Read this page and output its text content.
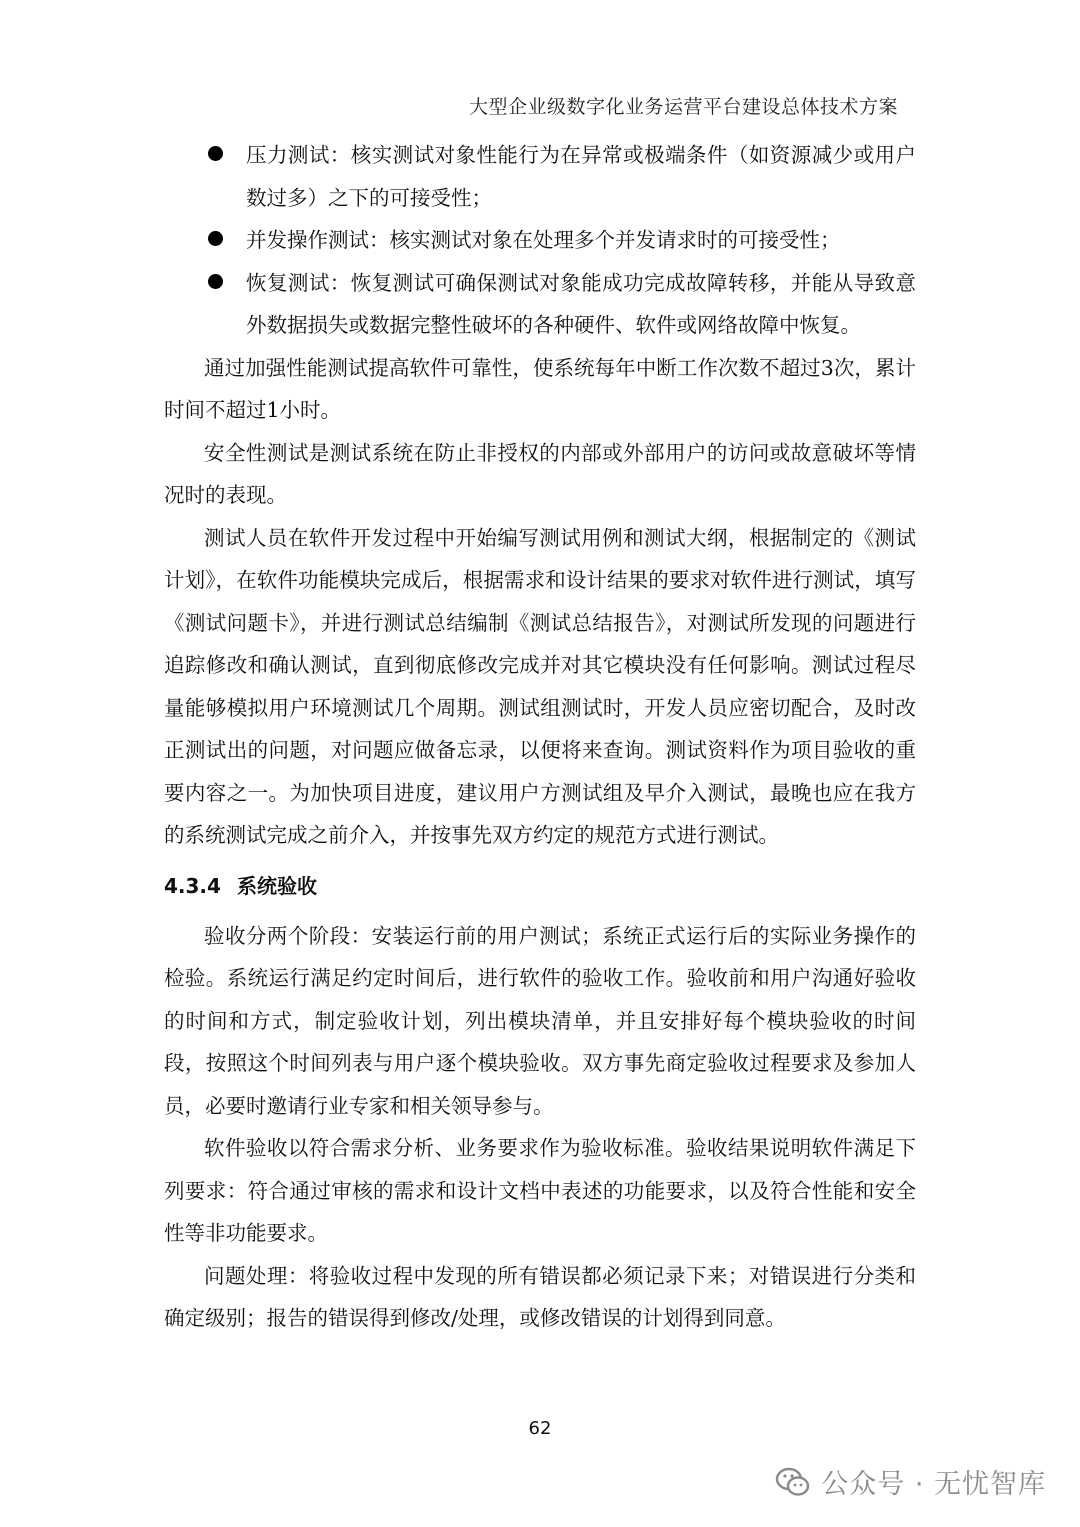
大型企业级数字化业务运营平台建设总体技术方案
压力测试：核实测试对象性能行为在异常或极端条件（如资源减少或用户数过多）之下的可接受性；
并发操作测试：核实测试对象在处理多个并发请求时的可接受性；
恢复测试：恢复测试可确保测试对象能成功完成故障转移，并能从导致意外数据损失或数据完整性破坏的各种硬件、软件或网络故障中恢复。

通过加强性能测试提高软件可靠性，使系统每年中断工作次数不超过3次，累计时间不超过1小时。

安全性测试是测试系统在防止非授权的内部或外部用户的访问或故意破坏等情况时的表现。

测试人员在软件开发过程中开始编写测试用例和测试大纲，根据制定的《测试计划》，在软件功能模块完成后，根据需求和设计结果的要求对软件进行测试，填写《测试问题卡》，并进行测试总结编制《测试总结报告》，对测试所发现的问题进行追踪修改和确认测试，直到彻底修改完成并对其它模块没有任何影响。测试过程尽量能够模拟用户环境测试几个周期。测试组测试时，开发人员应密切配合，及时改正测试出的问题，对问题应做备忘录，以便将来查询。测试资料作为项目验收的重要内容之一。为加快项目进度，建议用户方测试组及早介入测试，最晚也应在我方的系统测试完成之前介入，并按事先双方约定的规范方式进行测试。

4.3.4 系统验收

验收分两个阶段：安装运行前的用户测试；系统正式运行后的实际业务操作的检验。系统运行满足约定时间后，进行软件的验收工作。验收前和用户沟通好验收的时间和方式，制定验收计划，列出模块清单，并且安排好每个模块验收的时间段，按照这个时间列表与用户逐个模块验收。双方事先商定验收过程要求及参加人员，必要时邀请行业专家和相关领导参与。

软件验收以符合需求分析、业务要求作为验收标准。验收结果说明软件满足下列要求：符合通过审核的需求和设计文档中表述的功能要求，以及符合性能和安全性等非功能要求。

问题处理：将验收过程中发现的所有错误都必须记录下来；对错误进行分类和确定级别；报告的错误得到修改/处理，或修改错误的计划得到同意。

62
公众号 · 无忧智库
